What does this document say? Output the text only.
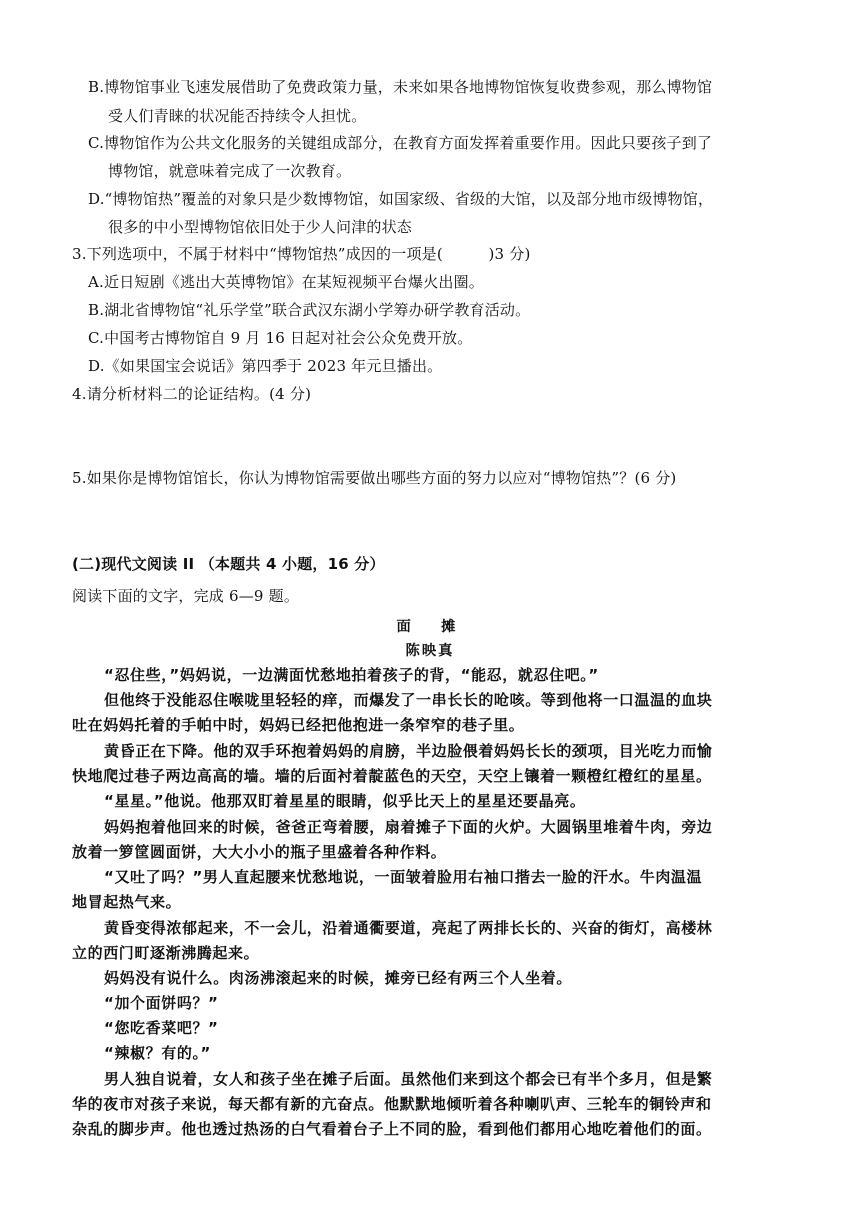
B.博物馆事业飞速发展借助了免费政策力量，未来如果各地博物馆恢复收费参观，那么博物馆
受人们青睐的状况能否持续令人担忧。
C.博物馆作为公共文化服务的关键组成部分，在教育方面发挥着重要作用。因此只要孩子到了
博物馆，就意味着完成了一次教育。
D.“博物馆热”覆盖的对象只是少数博物馆，如国家级、省级的大馆，以及部分地市级博物馆，
很多的中小型博物馆依旧处于少人问津的状态
3.下列选项中，不属于材料中“博物馆热”成因的一项是(　　　)3 分)
A.近日短剧《逃出大英博物馆》在某短视频平台爆火出圈。
B.湖北省博物馆“礼乐学堂”联合武汉东湖小学筹办研学教育活动。
C.中国考古博物馆自 9 月 16 日起对社会公众免费开放。
D.《如果国宝会说话》第四季于 2023 年元旦播出。
4.请分析材料二的论证结构。(4 分)
5.如果你是博物馆馆长，你认为博物馆需要做出哪些方面的努力以应对“博物馆热”？(6 分)
(二)现代文阅读 II （本题共 4 小题，16 分）
阅读下面的文字，完成 6—9 题。
面　摊
陈映真
“忍住些，”妈妈说，一边满面忧愁地拍着孩子的背，“能忍，就忍住吧。”
但他终于没能忍住喉咙里轻轻的痒，而爆发了一串长长的呛咳。等到他将一口温温的血块
吐在妈妈托着的手帕中时，妈妈已经把他抱进一条窄窄的巷子里。
黄昏正在下降。他的双手环抱着妈妈的肩膀，半边脸偎着妈妈长长的颈项，目光吃力而愉
快地爬过巷子两边高高的墙。墙的后面衬着靛蓝色的天空，天空上镶着一颗橙红橙红的星星。
“星星。”他说。他那双盯着星星的眼睛，似乎比天上的星星还要晶亮。
妈妈抱着他回来的时候，爸爸正弯着腰，扇着摊子下面的火炉。大圆锅里堆着牛肉，旁边
放着一箩筐圆面饼，大大小小的瓶子里盛着各种作料。
“又吐了吗？”男人直起腰来忧愁地说，一面皱着脸用右袖口揩去一脸的汗水。牛肉温温
地冒起热气来。
黄昏变得浓郁起来，不一会儿，沿着通衢要道，亮起了两排长长的、兴奋的街灯，高楼林
立的西门町逐渐沸腾起来。
妈妈没有说什么。肉汤沸滚起来的时候，摊旁已经有两三个人坐着。
“加个面饼吗？”
“您吃香菜吧？”
“辣椒？有的。”
男人独自说着，女人和孩子坐在摊子后面。虽然他们来到这个都会已有半个多月，但是繁
华的夜市对孩子来说，每天都有新的亢奋点。他默默地倾听着各种喇叭声、三轮车的铜铃声和
杂乱的脚步声。他也透过热汤的白气看着台子上不同的脸，看到他们都用心地吃着他们的面。
